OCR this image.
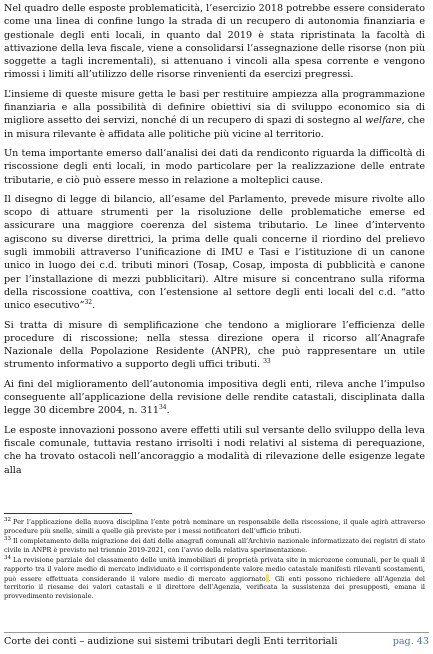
Nel quadro delle esposte problematicità, l’esercizio 2018 potrebbe essere considerato come una linea di confine lungo la strada di un recupero di autonomia finanziaria e gestionale degli enti locali, in quanto dal 2019 è stata ripristinata la facoltà di attivazione della leva fiscale, viene a consolidarsi l’assegnazione delle risorse (non più soggette a tagli incrementali), si attenuano i vincoli alla spesa corrente e vengono rimossi i limiti all’utilizzo delle risorse rinvenienti da esercizi pregressi.

L’insieme di queste misure getta le basi per restituire ampiezza alla programmazione finanziaria e alla possibilità di definire obiettivi sia di sviluppo economico sia di migliore assetto dei servizi, nonché di un recupero di spazi di sostegno al welfare, che in misura rilevante è affidata alle politiche più vicine al territorio.

Un tema importante emerso dall’analisi dei dati da rendiconto riguarda la difficoltà di riscossione degli enti locali, in modo particolare per la realizzazione delle entrate tributarie, e ciò può essere messo in relazione a molteplici cause.

Il disegno di legge di bilancio, all’esame del Parlamento, prevede misure rivolte allo scopo di attuare strumenti per la risoluzione delle problematiche emerse ed assicurare una maggiore coerenza del sistema tributario. Le linee d’intervento agiscono su diverse direttrici, la prima delle quali concerne il riordino del prelievo sugli immobili attraverso l’unificazione di IMU e Tasi e l’istituzione di un canone unico in luogo dei c.d. tributi minori (Tosap, Cosap, imposta di pubblicità e canone per l’installazione di mezzi pubblicitari). Altre misure si concentrano sulla riforma della riscossione coattiva, con l’estensione al settore degli enti locali del c.d. “atto unico esecutivo”$^{32}$.

Si tratta di misure di semplificazione che tendono a migliorare l’efficienza delle procedure di riscossione; nella stessa direzione opera il ricorso all’Anagrafe Nazionale della Popolazione Residente (ANPR), che può rappresentare un utile strumento informativo a supporto degli uffici tributi. $^{33}$

Ai fini del miglioramento dell’autonomia impositiva degli enti, rileva anche l’impulso conseguente all’applicazione della revisione delle rendite catastali, disciplinata dalla legge 30 dicembre 2004, n. $311^{34}$.

Le esposte innovazioni possono avere effetti utili sul versante dello sviluppo della leva fiscale comunale, tuttavia restano irrisolti i nodi relativi al sistema di perequazione, che ha trovato ostacoli nell’ancoraggio a modalità di rilevazione delle esigenze legate alla

$^{32}$ Per l’applicazione della nuova disciplina l’ente potrà nominare un responsabile della riscossione, il quale agirà attraverso procedure più snelle, simili a quelle già previste per i messi notificatori dell’ufficio tributi.

$^{33}$ Il completamento della migrazione dei dati delle anagrafi comunali all’Archivio nazionale informatizzato dei registri di stato civile in ANPR è previsto nel triennio 2019-2021, con l’avvio della relativa sperimentazione.

$^{34}$ La revisione parziale del classamento delle unità immobiliari di proprietà privata site in microzone comunali, per le quali il rapporto tra il valore medio di mercato individuato e il corrispondente valore medio catastale manifesti rilevanti scostamenti, può essere effettuata considerando il valore medio di mercato aggiornato . Gli enti possono richiedere all’Agenzia del territorio il riesame dei valori catastali e il direttore dell’Agenzia, verificata la sussistenza dei presupposti, emana il provvedimento revisionale.

Corte dei conti – audizione sui sistemi tributari degli Enti territoriali	pag. 43
